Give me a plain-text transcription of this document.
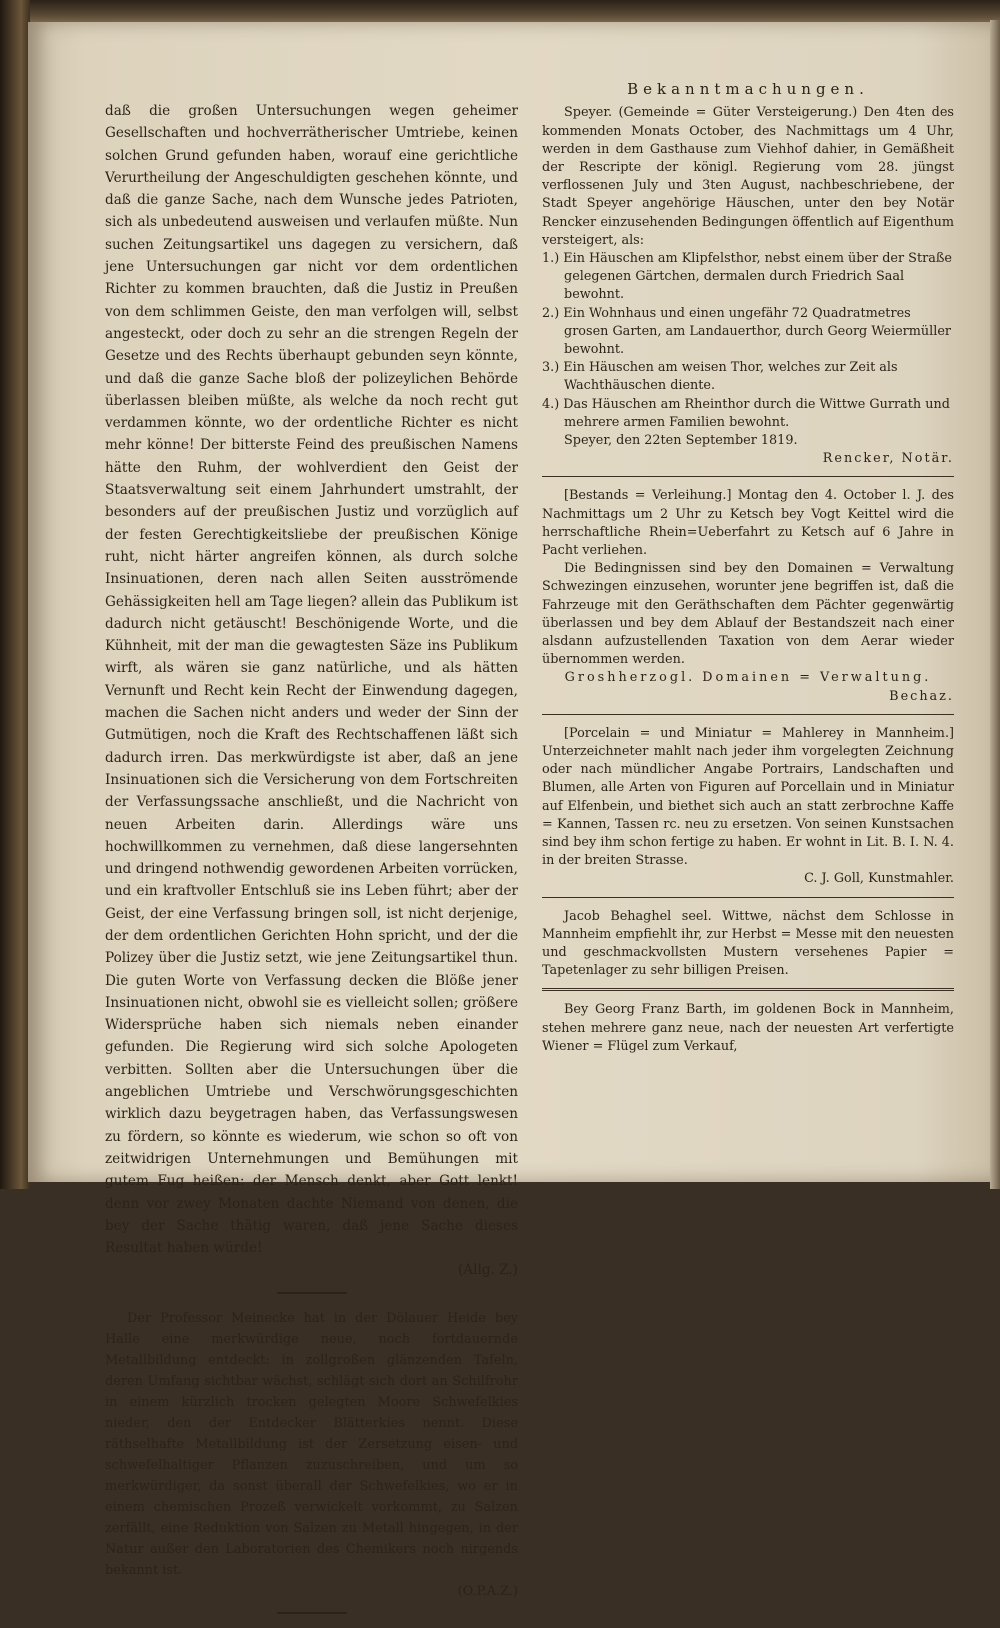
daß die großen Untersuchungen wegen geheimer Gesellschaften und hochverrätherischer Umtriebe, keinen solchen Grund gefunden haben, worauf eine gerichtliche Verurtheilung der Angeschuldigten geschehen könnte, und daß die ganze Sache, nach dem Wunsche jedes Patrioten, sich als unbedeutend ausweisen und verlaufen müßte. Nun suchen Zeitungsartikel uns dagegen zu versichern, daß jene Untersuchungen gar nicht vor dem ordentlichen Richter zu kommen brauchten, daß die Justiz in Preußen von dem schlimmen Geiste, den man verfolgen will, selbst angesteckt, oder doch zu sehr an die strengen Regeln der Gesetze und des Rechts überhaupt gebunden seyn könnte, und daß die ganze Sache bloß der polizeylichen Behörde überlassen bleiben müßte, als welche da noch recht gut verdammen könnte, wo der ordentliche Richter es nicht mehr könne! Der bitterste Feind des preußischen Namens hätte den Ruhm, der wohlverdient den Geist der Staatsverwaltung seit einem Jahrhundert umstrahlt, der besonders auf der preußischen Justiz und vorzüglich auf der festen Gerechtigkeitsliebe der preußischen Könige ruht, nicht härter angreifen können, als durch solche Insinuationen, deren nach allen Seiten ausströmende Gehässigkeiten hell am Tage liegen? allein das Publikum ist dadurch nicht getäuscht! Beschönigende Worte, und die Kühnheit, mit der man die gewagtesten Säze ins Publikum wirft, als wären sie ganz natürliche, und als hätten Vernunft und Recht kein Recht der Einwendung dagegen, machen die Sachen nicht anders und weder der Sinn der Gutmütigen, noch die Kraft des Rechtschaffenen läßt sich dadurch irren. Das merkwürdigste ist aber, daß an jene Insinuationen sich die Versicherung von dem Fortschreiten der Verfassungssache anschließt, und die Nachricht von neuen Arbeiten darin. Allerdings wäre uns hochwillkommen zu vernehmen, daß diese langersehnten und dringend nothwendig gewordenen Arbeiten vorrücken, und ein kraftvoller Entschluß sie ins Leben führt; aber der Geist, der eine Verfassung bringen soll, ist nicht derjenige, der dem ordentlichen Gerichten Hohn spricht, und der die Polizey über die Justiz setzt, wie jene Zeitungsartikel thun. Die guten Worte von Verfassung decken die Blöße jener Insinuationen nicht, obwohl sie es vielleicht sollen; größere Widersprüche haben sich niemals neben einander gefunden. Die Regierung wird sich solche Apologeten verbitten. Sollten aber die Untersuchungen über die angeblichen Umtriebe und Verschwörungsgeschichten wirklich dazu beygetragen haben, das Verfassungswesen zu fördern, so könnte es wiederum, wie schon so oft von zeitwidrigen Unternehmungen und Bemühungen mit gutem Fug heißen: der Mensch denkt, aber Gott lenkt! denn vor zwey Monaten dachte Niemand von denen, die bey der Sache thätig waren, daß jene Sache dieses Resultat haben würde!

(Allg. Z.)

Der Professor Meinecke hat in der Dölauer Heide bey Halle eine merkwürdige neue, noch fortdauernde Metallbildung entdeckt: in zollgroßen glänzenden Tafeln, deren Umfang sichtbar wächst, schlägt sich dort an Schilfrohr in einem kürzlich trocken gelegten Moore Schwefelkies nieder, den der Entdecker Blätterkies nennt. Diese räthselhafte Metallbildung ist der Zersetzung eisen- und schwefelhaltiger Pflanzen zuzuschreiben, und um so merkwürdiger, da sonst überall der Schwefelkies, wo er in einem chemischen Prozeß verwickelt vorkommt, zu Salzen zerfällt, eine Reduktion von Salzen zu Metall hingegen, in der Natur außer den Laboratorien des Chemikers noch nirgends bekannt ist.

(O.P.A.Z.)

Bekanntmachungen.

Speyer. (Gemeinde = Güter Versteigerung.) Den 4ten des kommenden Monats October, des Nachmittags um 4 Uhr, werden in dem Gasthause zum Viehhof dahier, in Gemäßheit der Rescripte der königl. Regierung vom 28. jüngst verflossenen July und 3ten August, nachbeschriebene, der Stadt Speyer angehörige Häuschen, unter den bey Notär Rencker einzusehenden Bedingungen öffentlich auf Eigenthum versteigert, als:

1.) Ein Häuschen am Klipfelsthor, nebst einem über der Straße gelegenen Gärtchen, dermalen durch Friedrich Saal bewohnt.

2.) Ein Wohnhaus und einen ungefähr 72 Quadratmetres grosen Garten, am Landauerthor, durch Georg Weiermüller bewohnt.

3.) Ein Häuschen am weisen Thor, welches zur Zeit als Wachthäuschen diente.

4.) Das Häuschen am Rheinthor durch die Wittwe Gurrath und mehrere armen Familien bewohnt.

Speyer, den 22ten September 1819.

Rencker, Notär.

[Bestands = Verleihung.] Montag den 4. October l. J. des Nachmittags um 2 Uhr zu Ketsch bey Vogt Keittel wird die herrschaftliche Rhein=Ueberfahrt zu Ketsch auf 6 Jahre in Pacht verliehen.

Die Bedingnissen sind bey den Domainen = Verwaltung Schwezingen einzusehen, worunter jene begriffen ist, daß die Fahrzeuge mit den Geräthschaften dem Pächter gegenwärtig überlassen und bey dem Ablauf der Bestandszeit nach einer alsdann aufzustellenden Taxation von dem Aerar wieder übernommen werden.

Groshherzogl. Domainen = Verwaltung.

Bechaz.

[Porcelain = und Miniatur = Mahlerey in Mannheim.] Unterzeichneter mahlt nach jeder ihm vorgelegten Zeichnung oder nach mündlicher Angabe Portrairs, Landschaften und Blumen, alle Arten von Figuren auf Porcellain und in Miniatur auf Elfenbein, und biethet sich auch an statt zerbrochne Kaffe = Kannen, Tassen rc. neu zu ersetzen. Von seinen Kunstsachen sind bey ihm schon fertige zu haben. Er wohnt in Lit. B. I. N. 4. in der breiten Strasse.

C. J. Goll, Kunstmahler.

Jacob Behaghel seel. Wittwe, nächst dem Schlosse in Mannheim empfiehlt ihr, zur Herbst = Messe mit den neuesten und geschmackvollsten Mustern versehenes Papier = Tapetenlager zu sehr billigen Preisen.

Bey Georg Franz Barth, im goldenen Bock in Mannheim, stehen mehrere ganz neue, nach der neuesten Art verfertigte Wiener = Flügel zum Verkauf,
